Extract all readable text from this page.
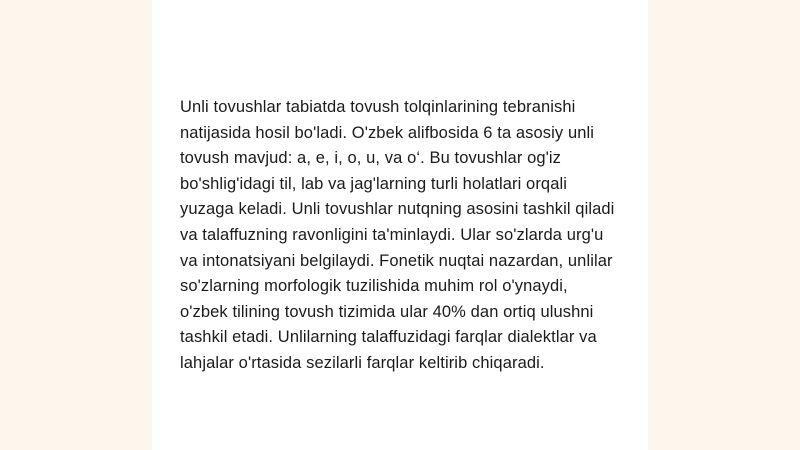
Unli tovushlar tabiatda tovush tolqinlarining tebranishi natijasida hosil bo'ladi. O'zbek alifbosida 6 ta asosiy unli tovush mavjud: a, e, i, o, u, va o‘. Bu tovushlar og'iz bo'shlig'idagi til, lab va jag'larning turli holatlari orqali yuzaga keladi. Unli tovushlar nutqning asosini tashkil qiladi va talaffuzning ravonligini ta'minlaydi. Ular so'zlarda urg'u va intonatsiyani belgilaydi. Fonetik nuqtai nazardan, unlilar so'zlarning morfologik tuzilishida muhim rol o'ynaydi, o'zbek tilining tovush tizimida ular 40% dan ortiq ulushni tashkil etadi. Unlilarning talaffuzidagi farqlar dialektlar va lahjalar o'rtasida sezilarli farqlar keltirib chiqaradi.
